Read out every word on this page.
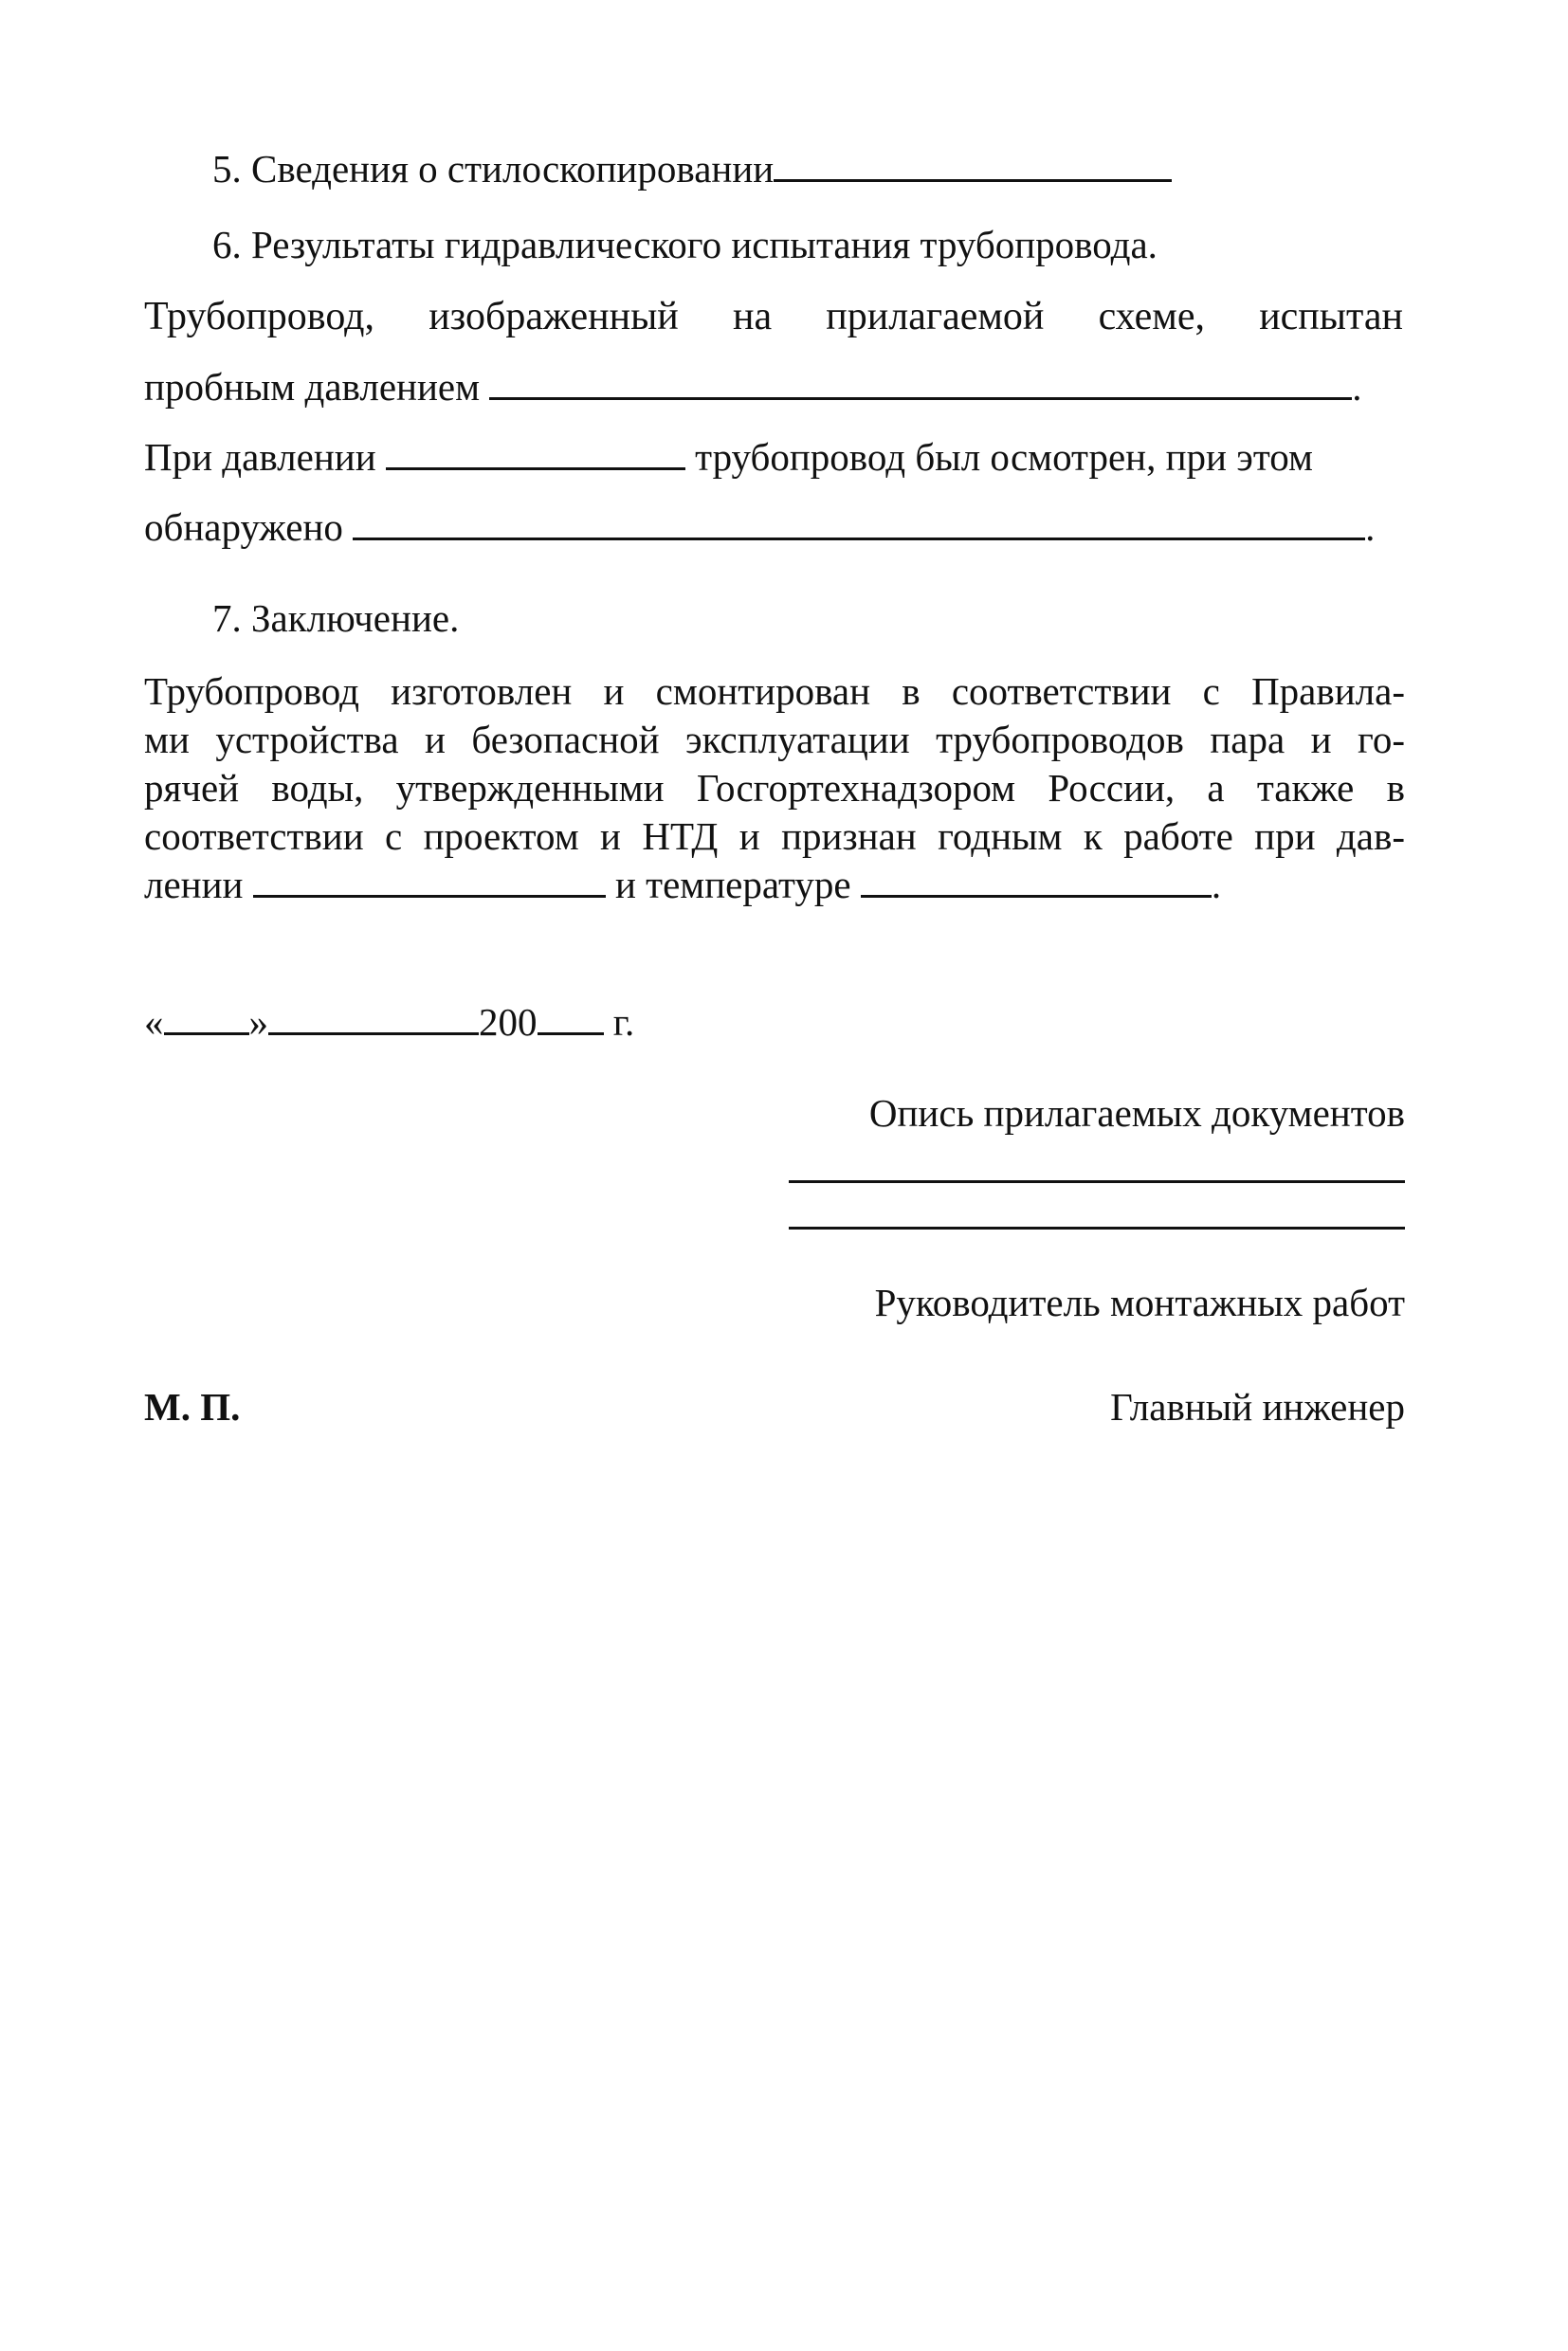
5. Сведения о стилоскопировании
6. Результаты гидравлического испытания трубопровода.
Трубопровод, изображенный на прилагаемой схеме, испытан
пробным давлением	.
При давлении	трубопровод был осмотрен, при этом
обнаружено	.
7. Заключение.
Трубопровод изготовлен и смонтирован в соответствии с Правила-
ми устройства и безопасной эксплуатации трубопроводов пара и го-
рячей воды, утвержденными Госгортехнадзором России, а также в
соответствии с проектом и НТД и признан годным к работе при дав-
лении	и температуре	.
« »	200 г.
Опись прилагаемых документов
Руководитель монтажных работ
М. П.	Главный инженер
